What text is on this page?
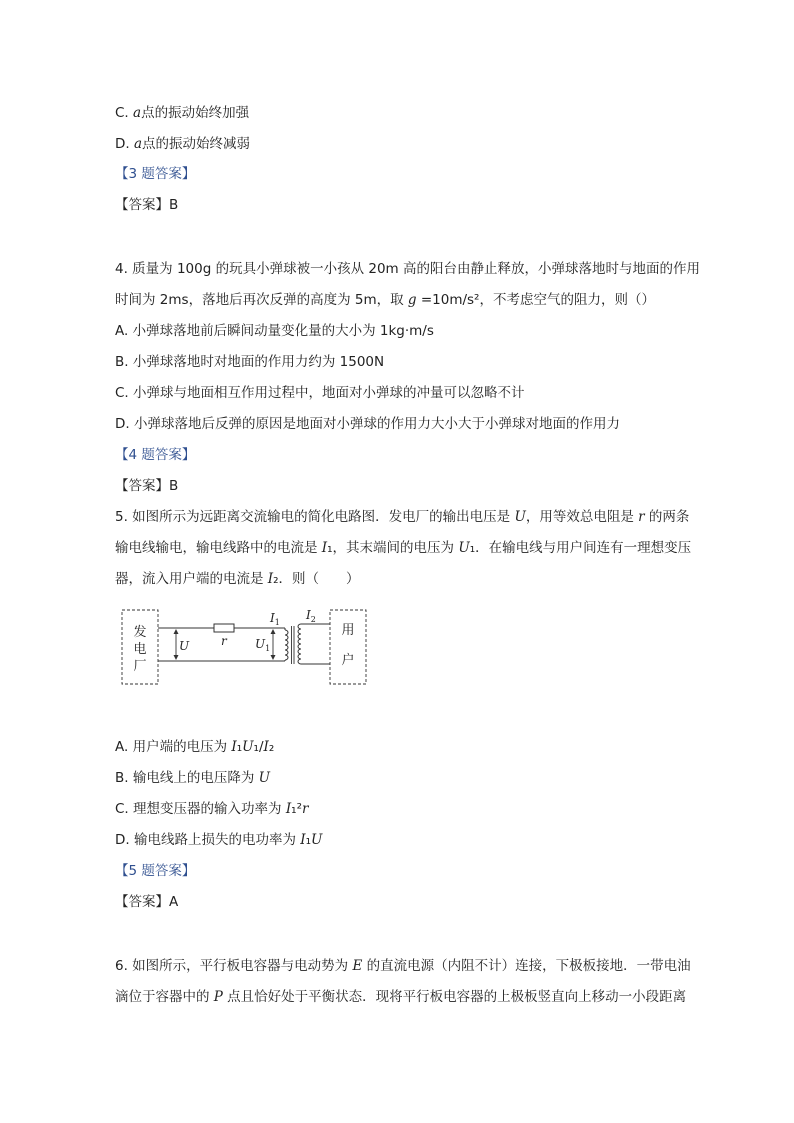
C. a点的振动始终加强
D. a点的振动始终减弱
【3 题答案】
【答案】B
4. 质量为 100g 的玩具小弹球被一小孩从 20m 高的阳台由静止释放，小弹球落地时与地面的作用
时间为 2ms，落地后再次反弹的高度为 5m，取 g =10m/s²，不考虑空气的阻力，则（）
A. 小弹球落地前后瞬间动量变化量的大小为 1kg·m/s
B. 小弹球落地时对地面的作用力约为 1500N
C. 小弹球与地面相互作用过程中，地面对小弹球的冲量可以忽略不计
D. 小弹球落地后反弹的原因是地面对小弹球的作用力大小大于小弹球对地面的作用力
【4 题答案】
【答案】B
5. 如图所示为远距离交流输电的简化电路图．发电厂的输出电压是 U，用等效总电阻是 r 的两条
输电线输电，输电线路中的电流是 I₁，其末端间的电压为 U₁．在输电线与用户间连有一理想变压
器，流入用户端的电流是 I₂．则（　　）
发
电
厂
r
U	$U_1$
$I_1$
$I_2$
用
户
A. 用户端的电压为 I₁U₁/I₂
B. 输电线上的电压降为 U
C. 理想变压器的输入功率为 I₁²r
D. 输电线路上损失的电功率为 I₁U
【5 题答案】
【答案】A
6. 如图所示，平行板电容器与电动势为 E 的直流电源（内阻不计）连接，下极板接地．一带电油
滴位于容器中的 P 点且恰好处于平衡状态．现将平行板电容器的上极板竖直向上移动一小段距离
